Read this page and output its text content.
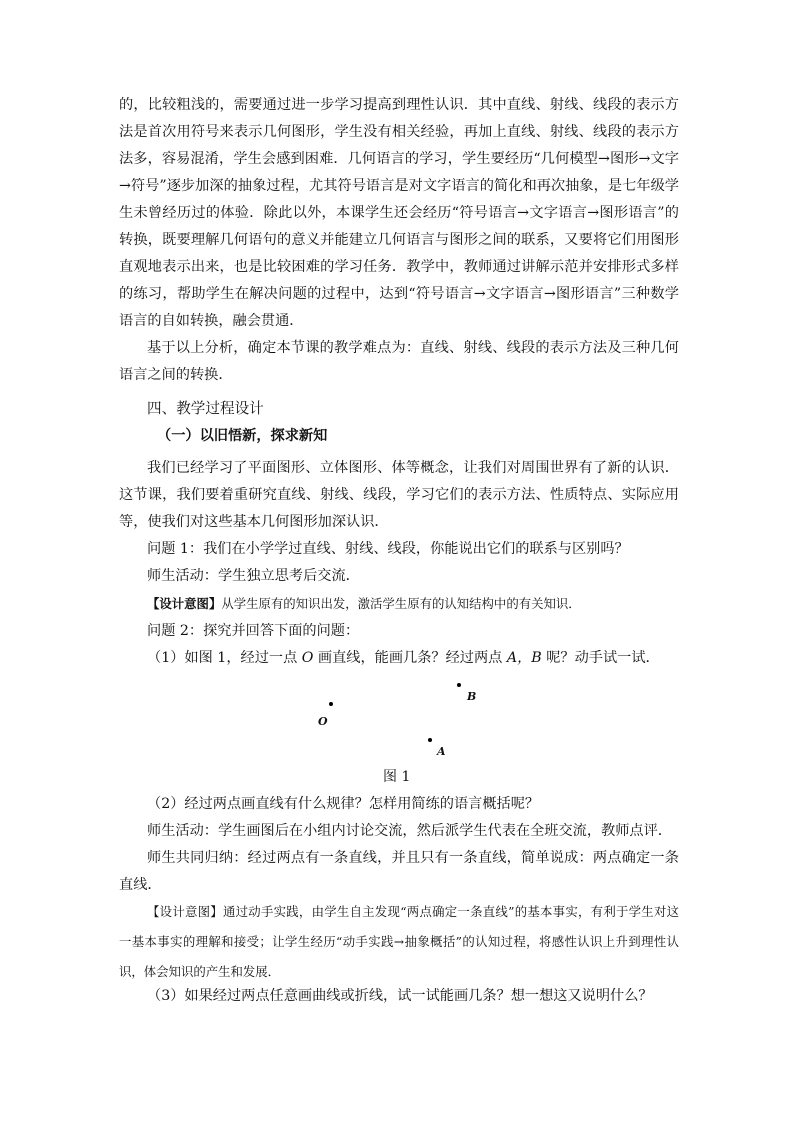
的，比较粗浅的，需要通过进一步学习提高到理性认识．其中直线、射线、线段的表示方法是首次用符号来表示几何图形，学生没有相关经验，再加上直线、射线、线段的表示方法多，容易混淆，学生会感到困难．几何语言的学习，学生要经历“几何模型→图形→文字→符号”逐步加深的抽象过程，尤其符号语言是对文字语言的简化和再次抽象，是七年级学生未曾经历过的体验．除此以外，本课学生还会经历“符号语言→文字语言→图形语言”的转换，既要理解几何语句的意义并能建立几何语言与图形之间的联系，又要将它们用图形直观地表示出来，也是比较困难的学习任务．教学中，教师通过讲解示范并安排形式多样的练习，帮助学生在解决问题的过程中，达到“符号语言→文字语言→图形语言”三种数学语言的自如转换，融会贯通．

基于以上分析，确定本节课的教学难点为：直线、射线、线段的表示方法及三种几何语言之间的转换．

四、教学过程设计

（一）以旧悟新，探求新知

我们已经学习了平面图形、立体图形、体等概念，让我们对周围世界有了新的认识．这节课，我们要着重研究直线、射线、线段，学习它们的表示方法、性质特点、实际应用等，使我们对这些基本几何图形加深认识．

问题 1：我们在小学学过直线、射线、线段，你能说出它们的联系与区别吗？

师生活动：学生独立思考后交流．

【设计意图】从学生原有的知识出发，激活学生原有的认知结构中的有关知识．

问题 2：探究并回答下面的问题：

（1）如图 1，经过一点 O 画直线，能画几条？经过两点 A，B 呢？动手试一试．

B
O
A
图 1

（2）经过两点画直线有什么规律？怎样用简练的语言概括呢？

师生活动：学生画图后在小组内讨论交流，然后派学生代表在全班交流，教师点评．

师生共同归纳：经过两点有一条直线，并且只有一条直线，简单说成：两点确定一条直线．

【设计意图】通过动手实践，由学生自主发现“两点确定一条直线”的基本事实，有利于学生对这一基本事实的理解和接受；让学生经历“动手实践→抽象概括”的认知过程，将感性认识上升到理性认识，体会知识的产生和发展．

（3）如果经过两点任意画曲线或折线，试一试能画几条？想一想这又说明什么？
